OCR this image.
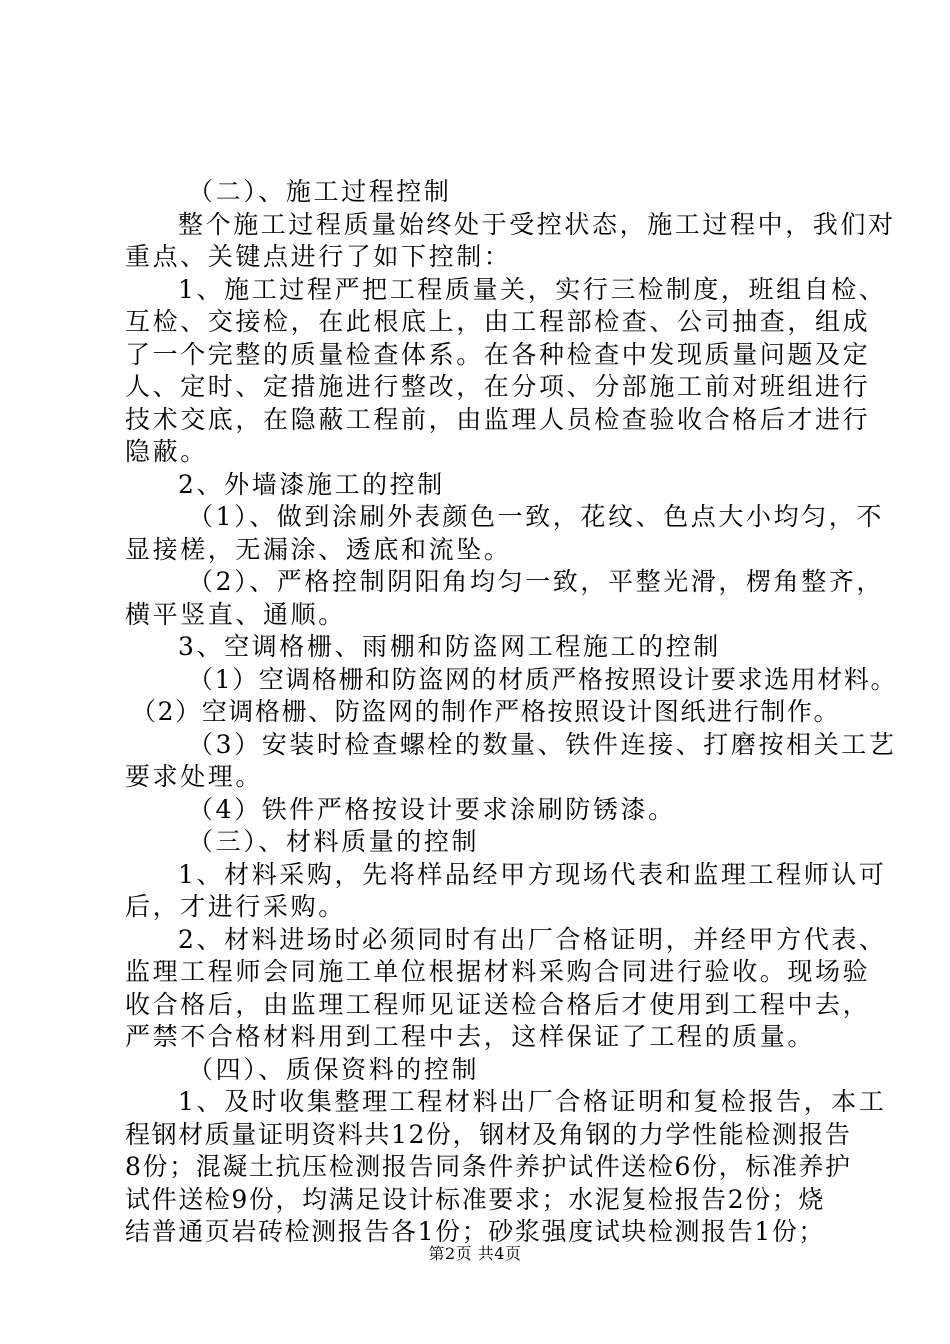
（二）、施工过程控制
整个施工过程质量始终处于受控状态，施工过程中，我们对
重点、关键点进行了如下控制：
1、施工过程严把工程质量关，实行三检制度，班组自检、
互检、交接检，在此根底上，由工程部检查、公司抽查，组成
了一个完整的质量检查体系。在各种检查中发现质量问题及定
人、定时、定措施进行整改，在分项、分部施工前对班组进行
技术交底，在隐蔽工程前，由监理人员检查验收合格后才进行
隐蔽。
2、外墙漆施工的控制
（1）、做到涂刷外表颜色一致，花纹、色点大小均匀，不
显接槎，无漏涂、透底和流坠。
（2）、严格控制阴阳角均匀一致，平整光滑，楞角整齐，
横平竖直、通顺。
3、空调格栅、雨棚和防盗网工程施工的控制
（1）空调格栅和防盗网的材质严格按照设计要求选用材料。
（2）空调格栅、防盗网的制作严格按照设计图纸进行制作。
（3）安装时检查螺栓的数量、铁件连接、打磨按相关工艺
要求处理。
（4）铁件严格按设计要求涂刷防锈漆。
（三）、材料质量的控制
1、材料采购，先将样品经甲方现场代表和监理工程师认可
后，才进行采购。
2、材料进场时必须同时有出厂合格证明，并经甲方代表、
监理工程师会同施工单位根据材料采购合同进行验收。现场验
收合格后，由监理工程师见证送检合格后才使用到工程中去，
严禁不合格材料用到工程中去，这样保证了工程的质量。
（四）、质保资料的控制
1、及时收集整理工程材料出厂合格证明和复检报告，本工
程钢材质量证明资料共12份，钢材及角钢的力学性能检测报告
8份；混凝土抗压检测报告同条件养护试件送检6份，标准养护
试件送检9份，均满足设计标准要求；水泥复检报告2份；烧
结普通页岩砖检测报告各1份；砂浆强度试块检测报告1份；
第2页 共4页
